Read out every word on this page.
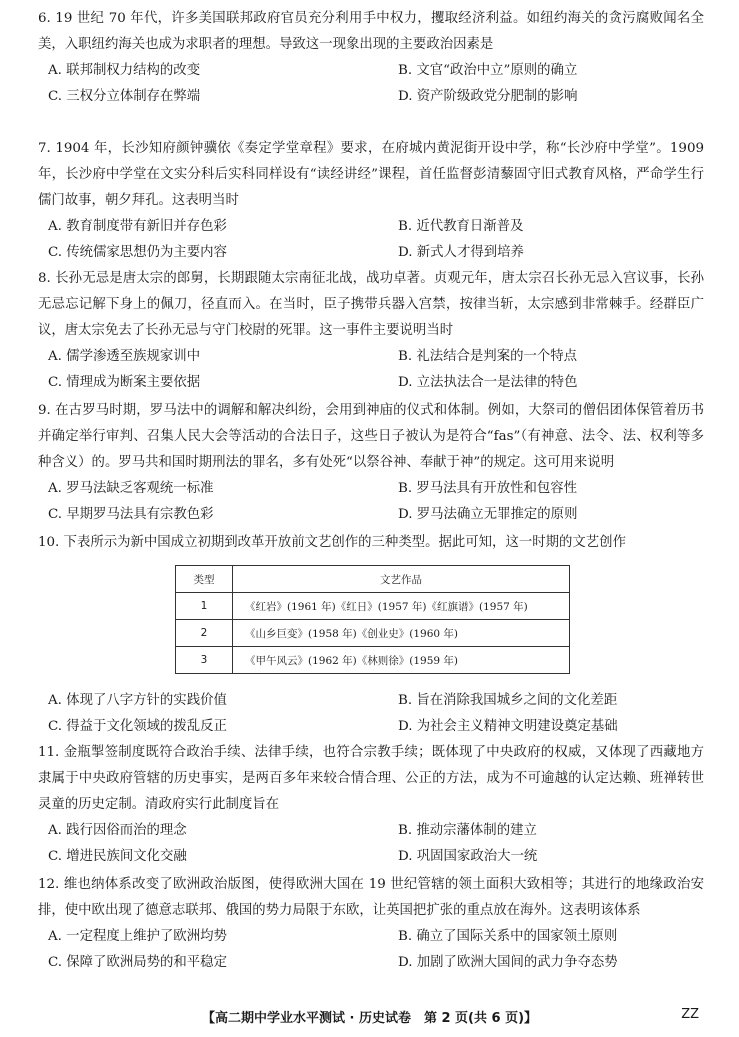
6. 19 世纪 70 年代，许多美国联邦政府官员充分利用手中权力，攫取经济利益。如纽约海关的贪污腐败闻名全美，入职纽约海关也成为求职者的理想。导致这一现象出现的主要政治因素是

A. 联邦制权力结构的改变	B. 文官“政治中立”原则的确立
C. 三权分立体制存在弊端	D. 资产阶级政党分肥制的影响

7. 1904 年，长沙知府颜钟骥依《奏定学堂章程》要求，在府城内黄泥街开设中学，称“长沙府中学堂”。1909 年，长沙府中学堂在文实分科后实科同样设有“读经讲经”课程，首任监督彭清藜固守旧式教育风格，严命学生行儒门故事，朝夕拜孔。这表明当时

A. 教育制度带有新旧并存色彩	B. 近代教育日渐普及
C. 传统儒家思想仍为主要内容	D. 新式人才得到培养

8. 长孙无忌是唐太宗的郎舅，长期跟随太宗南征北战，战功卓著。贞观元年，唐太宗召长孙无忌入宫议事，长孙无忌忘记解下身上的佩刀，径直而入。在当时，臣子携带兵器入宫禁，按律当斩，太宗感到非常棘手。经群臣广议，唐太宗免去了长孙无忌与守门校尉的死罪。这一事件主要说明当时

A. 儒学渗透至族规家训中	B. 礼法结合是判案的一个特点
C. 情理成为断案主要依据	D. 立法执法合一是法律的特色

9. 在古罗马时期，罗马法中的调解和解决纠纷，会用到神庙的仪式和体制。例如，大祭司的僧侣团体保管着历书并确定举行审判、召集人民大会等活动的合法日子，这些日子被认为是符合“fas”（有神意、法令、法、权利等多种含义）的。罗马共和国时期刑法的罪名，多有处死“以祭谷神、奉献于神”的规定。这可用来说明

A. 罗马法缺乏客观统一标准	B. 罗马法具有开放性和包容性
C. 早期罗马法具有宗教色彩	D. 罗马法确立无罪推定的原则

10. 下表所示为新中国成立初期到改革开放前文艺创作的三种类型。据此可知，这一时期的文艺创作

类型	文艺作品
1	《红岩》(1961 年)《红日》(1957 年)《红旗谱》(1957 年)
2	《山乡巨变》(1958 年)《创业史》(1960 年)
3	《甲午风云》(1962 年)《林则徐》(1959 年)
A. 体现了八字方针的实践价值	B. 旨在消除我国城乡之间的文化差距
C. 得益于文化领域的拨乱反正	D. 为社会主义精神文明建设奠定基础

11. 金瓶掣签制度既符合政治手续、法律手续，也符合宗教手续；既体现了中央政府的权威，又体现了西藏地方隶属于中央政府管辖的历史事实，是两百多年来较合情合理、公正的方法，成为不可逾越的认定达赖、班禅转世灵童的历史定制。清政府实行此制度旨在

A. 践行因俗而治的理念	B. 推动宗藩体制的建立
C. 增进民族间文化交融	D. 巩固国家政治大一统

12. 维也纳体系改变了欧洲政治版图，使得欧洲大国在 19 世纪管辖的领土面积大致相等；其进行的地缘政治安排，使中欧出现了德意志联邦、俄国的势力局限于东欧，让英国把扩张的重点放在海外。这表明该体系

A. 一定程度上维护了欧洲均势	B. 确立了国际关系中的国家领土原则
C. 保障了欧洲局势的和平稳定	D. 加剧了欧洲大国间的武力争夺态势
【高二期中学业水平测试 · 历史试卷　第 2 页(共 6 页)】	ZZ
